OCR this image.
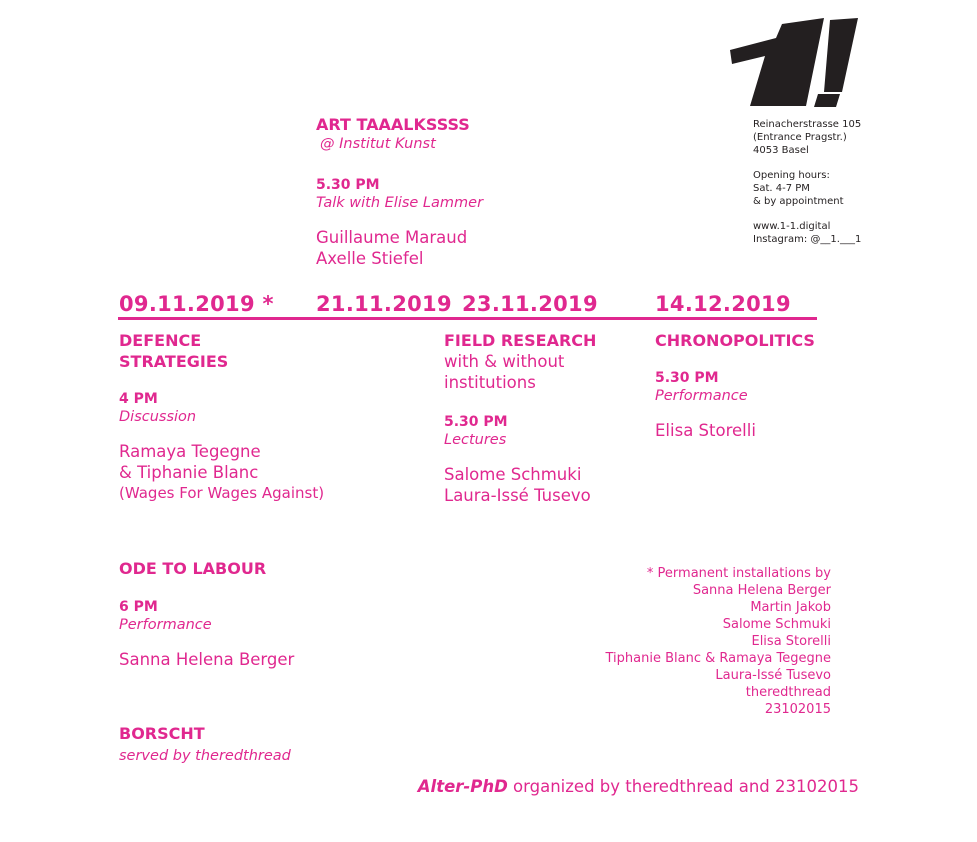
Reinacherstrasse 105
(Entrance Pragstr.)
4053 Basel
Opening hours:
Sat. 4-7 PM
& by appointment
www.1-1.digital
Instagram: @__1.___1
ART TAAALKSSSS
@ Institut Kunst
5.30 PM
Talk with Elise Lammer
Guillaume Maraud
Axelle Stiefel
09.11.2019 * 21.11.2019 23.11.2019	14.12.2019
DEFENCE
STRATEGIES
4 PM
Discussion
Ramaya Tegegne
& Tiphanie Blanc
(Wages For Wages Against)
ODE TO LABOUR
6 PM
Performance
Sanna Helena Berger
BORSCHT
served by theredthread
FIELD RESEARCH
with & without
institutions
5.30 PM
Lectures
Salome Schmuki
Laura-Issé Tusevo
CHRONOPOLITICS
5.30 PM
Performance
Elisa Storelli
* Permanent installations by
Sanna Helena Berger
Martin Jakob
Salome Schmuki
Elisa Storelli
Tiphanie Blanc & Ramaya Tegegne
Laura-Issé Tusevo
theredthread
23102015
Alter-PhD organized by theredthread and 23102015
